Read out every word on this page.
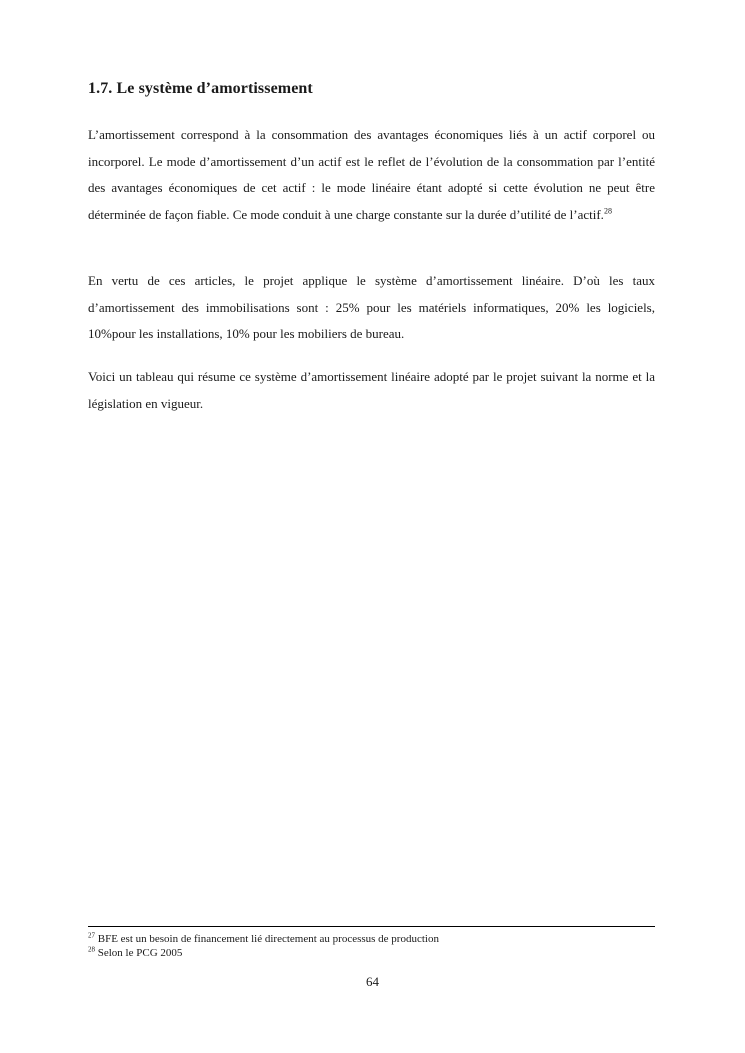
1.7. Le système d’amortissement

L’amortissement correspond à la consommation des avantages économiques liés à un actif corporel ou incorporel. Le mode d’amortissement d’un actif est le reflet de l’évolution de la consommation par l’entité des avantages économiques de cet actif : le mode linéaire étant adopté si cette évolution ne peut être déterminée de façon fiable. Ce mode conduit à une charge constante sur la durée d’utilité de l’actif.$^{28}$

En vertu de ces articles, le projet applique le système d’amortissement linéaire. D’où les taux d’amortissement des immobilisations sont : 25% pour les matériels informatiques, 20% les logiciels, 10%pour les installations, 10% pour les mobiliers de bureau.

Voici un tableau qui résume ce système d’amortissement linéaire adopté par le projet suivant la norme et la législation en vigueur.

$^{27}$ BFE est un besoin de financement lié directement au processus de production
$^{28}$ Selon le PCG 2005
64
